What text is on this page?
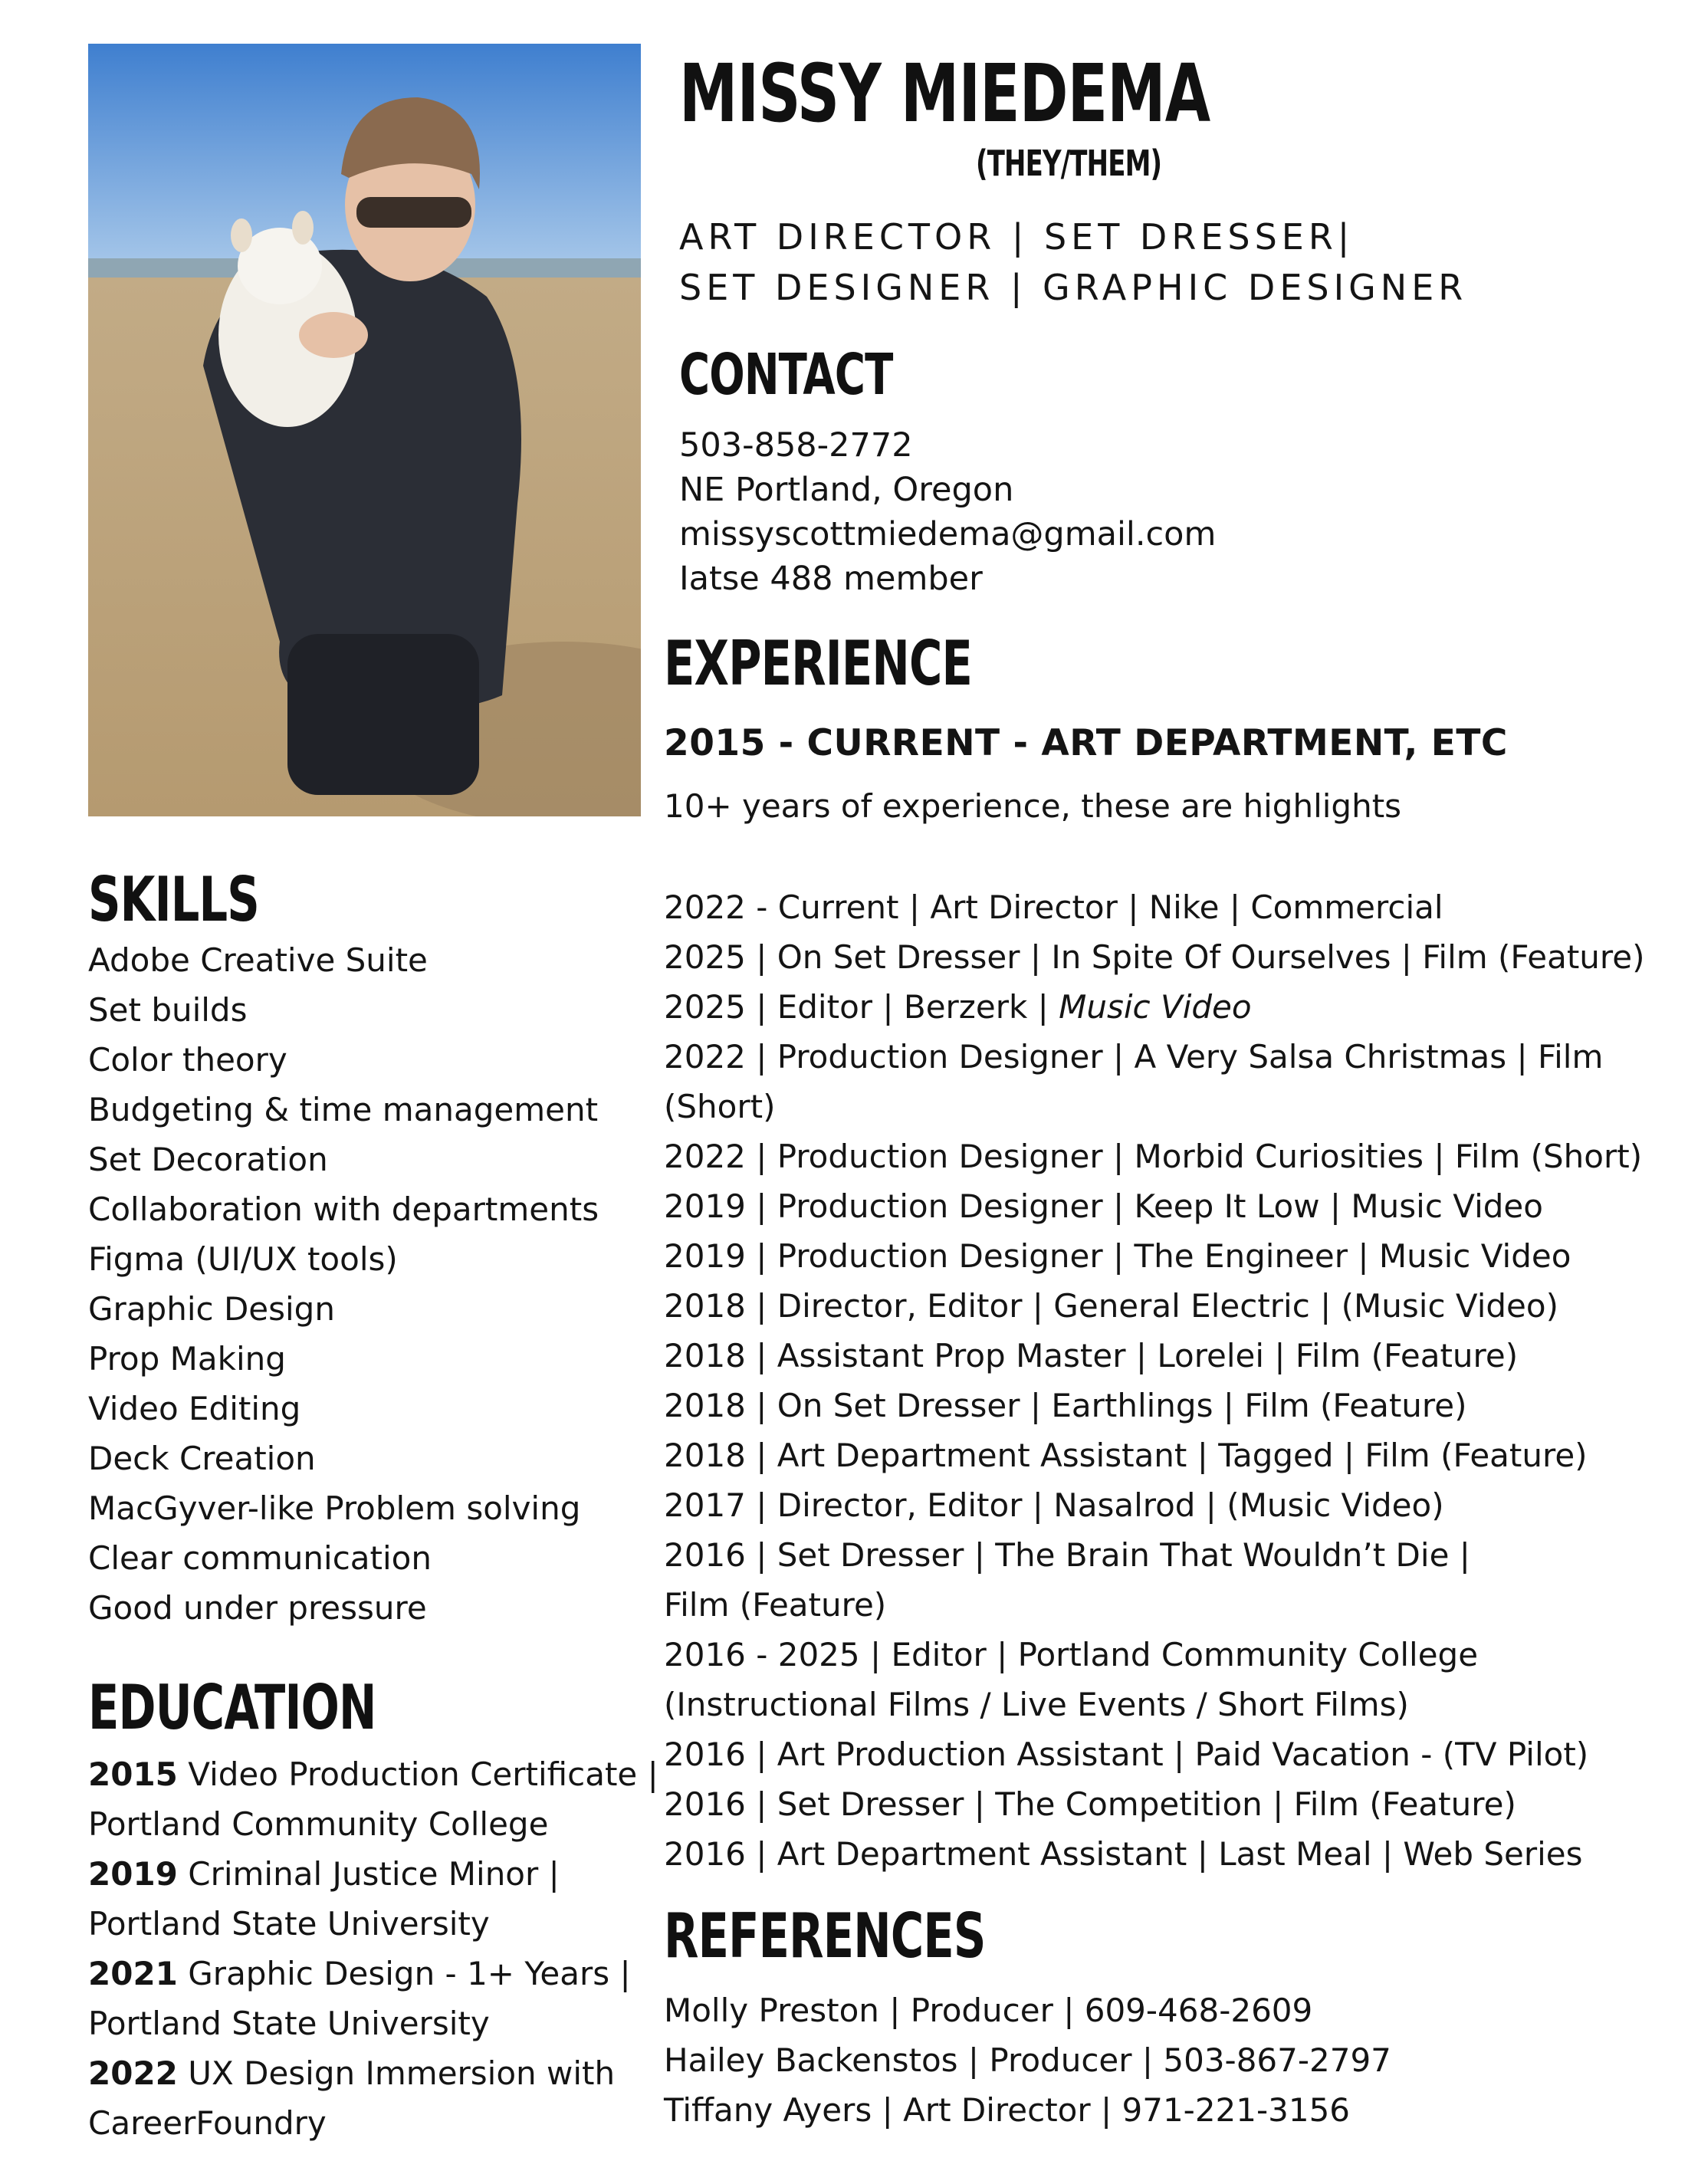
MISSY MIEDEMA
(THEY/THEM)
ART DIRECTOR | SET DRESSER|
SET DESIGNER | GRAPHIC DESIGNER
CONTACT
503-858-2772
NE Portland, Oregon
missyscottmiedema@gmail.com
Iatse 488 member
EXPERIENCE
2015 - CURRENT - ART DEPARTMENT, ETC
10+ years of experience, these are highlights
2022 - Current | Art Director | Nike | Commercial
2025 | On Set Dresser | In Spite Of Ourselves | Film (Feature)
2025 | Editor | Berzerk | Music Video
2022 | Production Designer | A Very Salsa Christmas | Film
(Short)
2022 | Production Designer | Morbid Curiosities | Film (Short)
2019 | Production Designer | Keep It Low | Music Video
2019 | Production Designer | The Engineer | Music Video
2018 | Director, Editor | General Electric | (Music Video)
2018 | Assistant Prop Master | Lorelei | Film (Feature)
2018 | On Set Dresser | Earthlings | Film (Feature)
2018 | Art Department Assistant | Tagged | Film (Feature)
2017 | Director, Editor | Nasalrod | (Music Video)
2016 | Set Dresser | The Brain That Wouldn’t Die |
Film (Feature)
2016 - 2025 | Editor | Portland Community College
(Instructional Films / Live Events / Short Films)
2016 | Art Production Assistant | Paid Vacation - (TV Pilot)
2016 | Set Dresser | The Competition | Film (Feature)
2016 | Art Department Assistant | Last Meal | Web Series
SKILLS
Adobe Creative Suite
Set builds
Color theory
Budgeting & time management
Set Decoration
Collaboration with departments
Figma (UI/UX tools)
Graphic Design
Prop Making
Video Editing
Deck Creation
MacGyver-like Problem solving
Clear communication
Good under pressure
EDUCATION
2015 Video Production Certificate |
Portland Community College
2019 Criminal Justice Minor |
Portland State University
2021 Graphic Design - 1+ Years |
Portland State University
2022 UX Design Immersion with
CareerFoundry
REFERENCES
Molly Preston | Producer | 609-468-2609
Hailey Backenstos | Producer | 503-867-2797
Tiffany Ayers | Art Director | 971-221-3156
